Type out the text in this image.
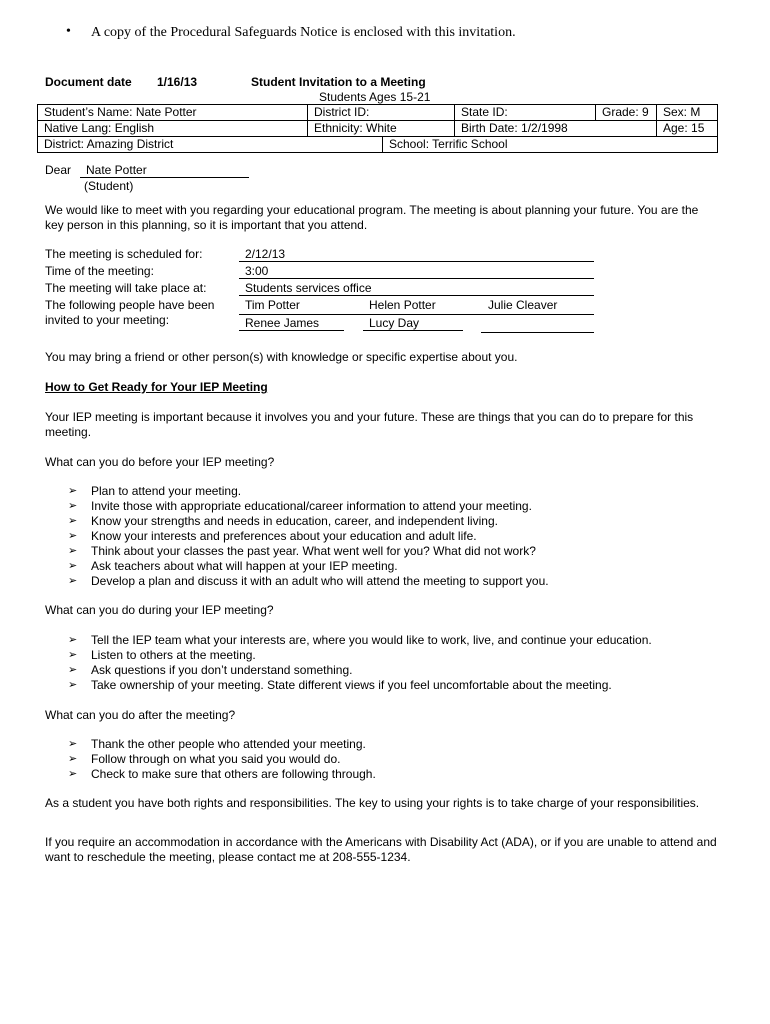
• A copy of the Procedural Safeguards Notice is enclosed with this invitation.
Document date 1/16/13	Student Invitation to a Meeting
Students Ages 15-21
Student’s Name: Nate Potter	District ID:		State ID:	Grade: 9	Sex: M
Native Lang: English	Ethnicity: White		Birth Date: 1/2/1998		Age: 15
District: Amazing District		School: Terrific School			
Dear	Nate Potter
(Student)
We would like to meet with you regarding your educational program. The meeting is about planning your future. You are the key person in this planning, so it is important that you attend.
The meeting is scheduled for:	2/12/13
Time of the meeting:	3:00
The meeting will take place at:	Students services office
The following people have been
invited to your meeting:
Tim Potter	Helen Potter	Julie Cleaver
Renee James	Lucy Day
You may bring a friend or other person(s) with knowledge or specific expertise about you.
How to Get Ready for Your IEP Meeting
Your IEP meeting is important because it involves you and your future. These are things that you can do to prepare for this meeting.
What can you do before your IEP meeting?
➢ Plan to attend your meeting.
➢ Invite those with appropriate educational/career information to attend your meeting.
➢ Know your strengths and needs in education, career, and independent living.
➢ Know your interests and preferences about your education and adult life.
➢ Think about your classes the past year. What went well for you? What did not work?
➢ Ask teachers about what will happen at your IEP meeting.
➢ Develop a plan and discuss it with an adult who will attend the meeting to support you.
What can you do during your IEP meeting?
➢ Tell the IEP team what your interests are, where you would like to work, live, and continue your education.
➢ Listen to others at the meeting.
➢ Ask questions if you don’t understand something.
➢ Take ownership of your meeting. State different views if you feel uncomfortable about the meeting.
What can you do after the meeting?
➢ Thank the other people who attended your meeting.
➢ Follow through on what you said you would do.
➢ Check to make sure that others are following through.
As a student you have both rights and responsibilities. The key to using your rights is to take charge of your responsibilities.
If you require an accommodation in accordance with the Americans with Disability Act (ADA), or if you are unable to attend and want to reschedule the meeting, please contact me at 208-555-1234.
